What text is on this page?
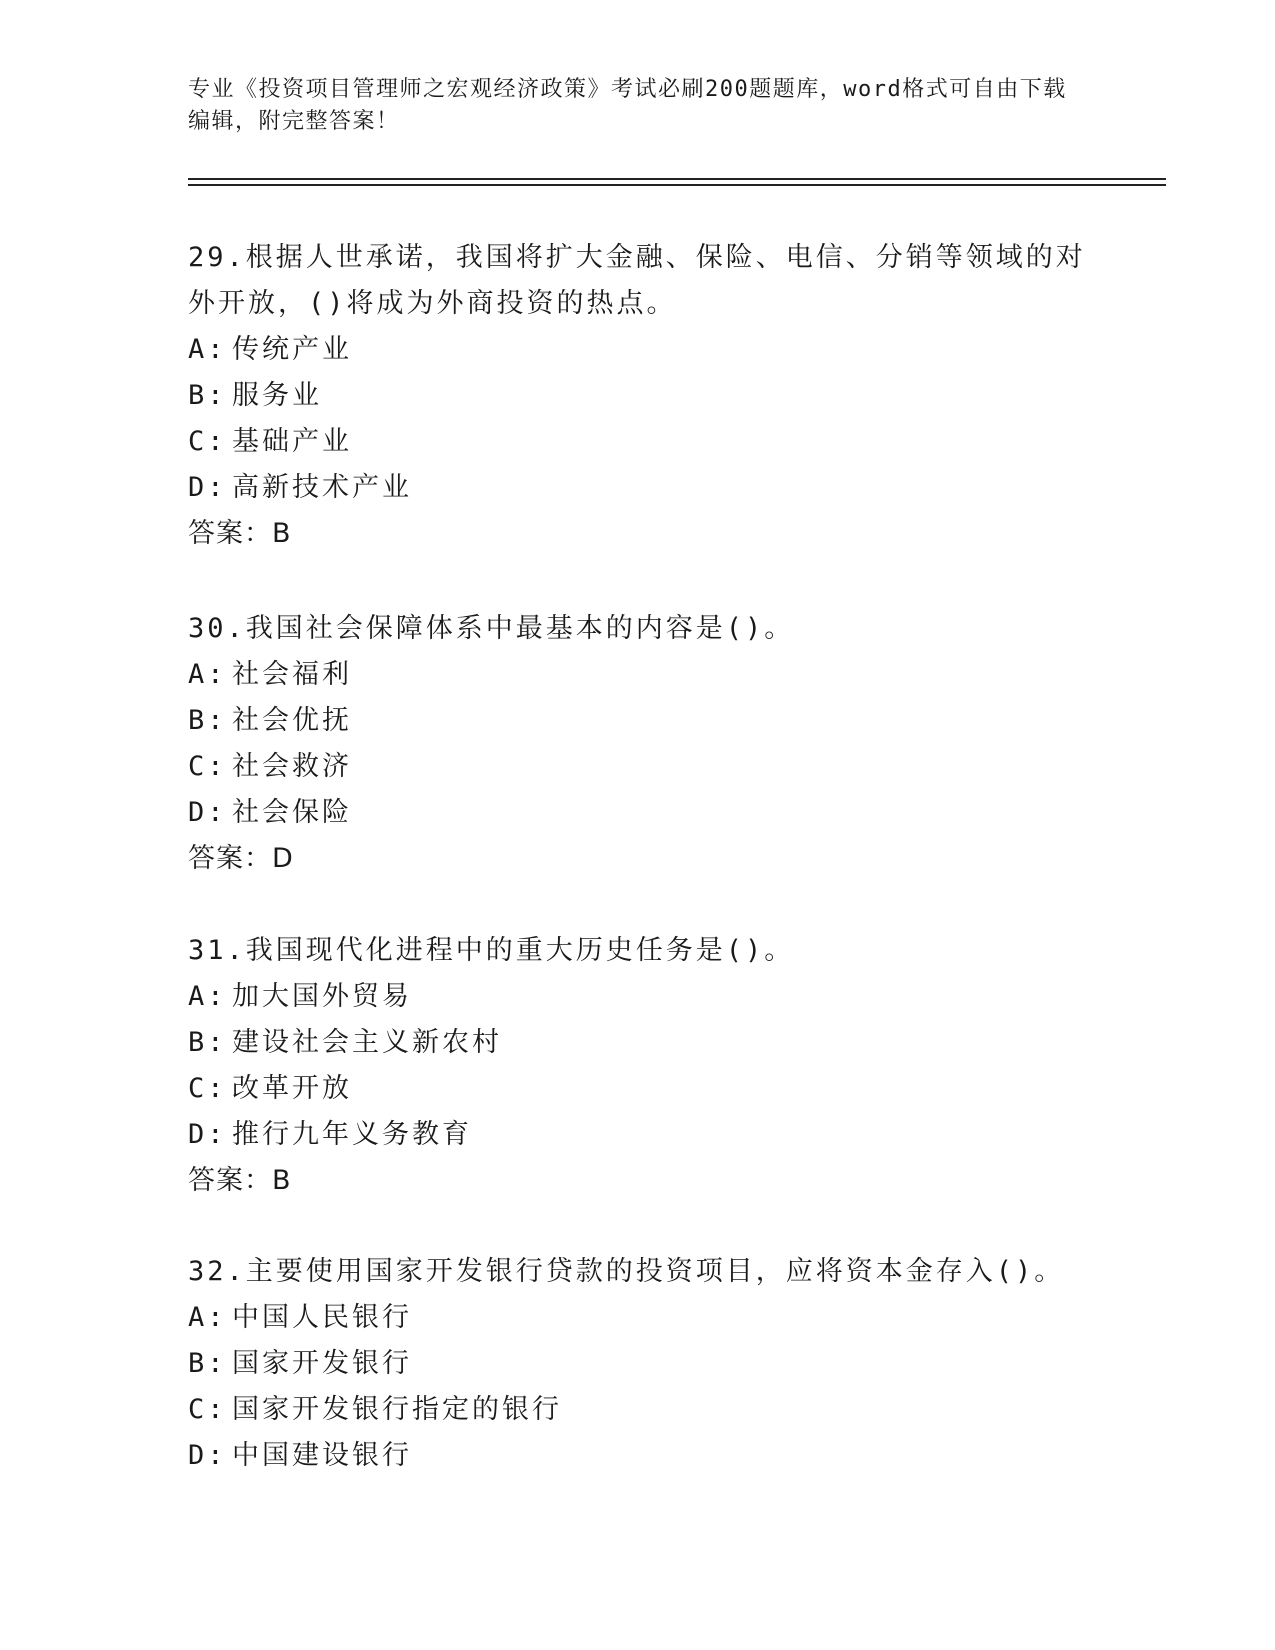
专业《投资项目管理师之宏观经济政策》考试必刷200题题库，word格式可自由下载编辑，附完整答案！

29.根据人世承诺，我国将扩大金融、保险、电信、分销等领域的对外开放，()将成为外商投资的热点。

A: 传统产业
B: 服务业
C: 基础产业
D: 高新技术产业
答案：B

30.我国社会保障体系中最基本的内容是()。

A: 社会福利
B: 社会优抚
C: 社会救济
D: 社会保险
答案：D

31.我国现代化进程中的重大历史任务是()。

A: 加大国外贸易
B: 建设社会主义新农村
C: 改革开放
D: 推行九年义务教育
答案：B

32.主要使用国家开发银行贷款的投资项目，应将资本金存入()。

A: 中国人民银行
B: 国家开发银行
C: 国家开发银行指定的银行
D: 中国建设银行
